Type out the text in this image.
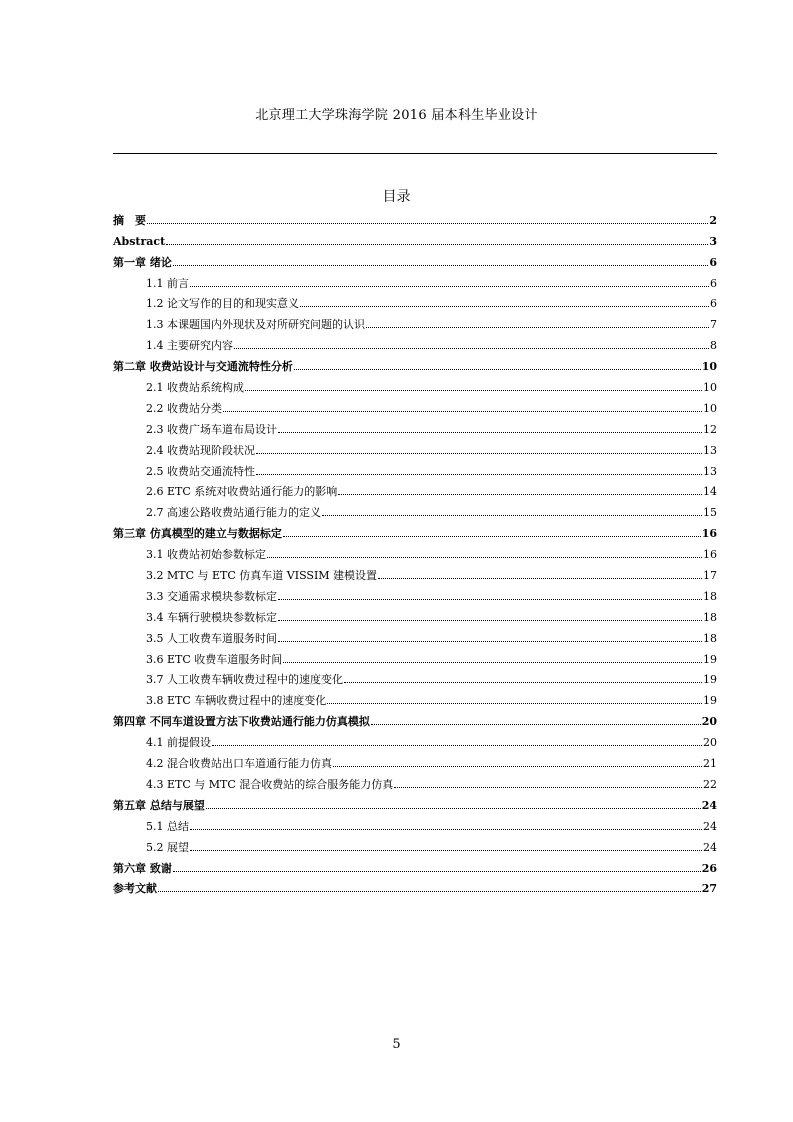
北京理工大学珠海学院 2016 届本科生毕业设计
目录
摘　要	2
Abstract	3
第一章 绪论	6
1.1 前言	6
1.2 论文写作的目的和现实意义	6
1.3 本课题国内外现状及对所研究问题的认识	7
1.4 主要研究内容	8
第二章 收费站设计与交通流特性分析	10
2.1 收费站系统构成	10
2.2 收费站分类	10
2.3 收费广场车道布局设计	12
2.4 收费站现阶段状况	13
2.5 收费站交通流特性	13
2.6 ETC 系统对收费站通行能力的影响	14
2.7 高速公路收费站通行能力的定义	15
第三章 仿真模型的建立与数据标定	16
3.1 收费站初始参数标定	16
3.2 MTC 与 ETC 仿真车道 VISSIM 建模设置	17
3.3 交通需求模块参数标定	18
3.4 车辆行驶模块参数标定	18
3.5 人工收费车道服务时间	18
3.6 ETC 收费车道服务时间	19
3.7 人工收费车辆收费过程中的速度变化	19
3.8 ETC 车辆收费过程中的速度变化	19
第四章 不同车道设置方法下收费站通行能力仿真模拟	20
4.1 前提假设	20
4.2 混合收费站出口车道通行能力仿真	21
4.3 ETC 与 MTC 混合收费站的综合服务能力仿真	22
第五章 总结与展望	24
5.1 总结	24
5.2 展望	24
第六章 致谢	26
参考文献	27
5
